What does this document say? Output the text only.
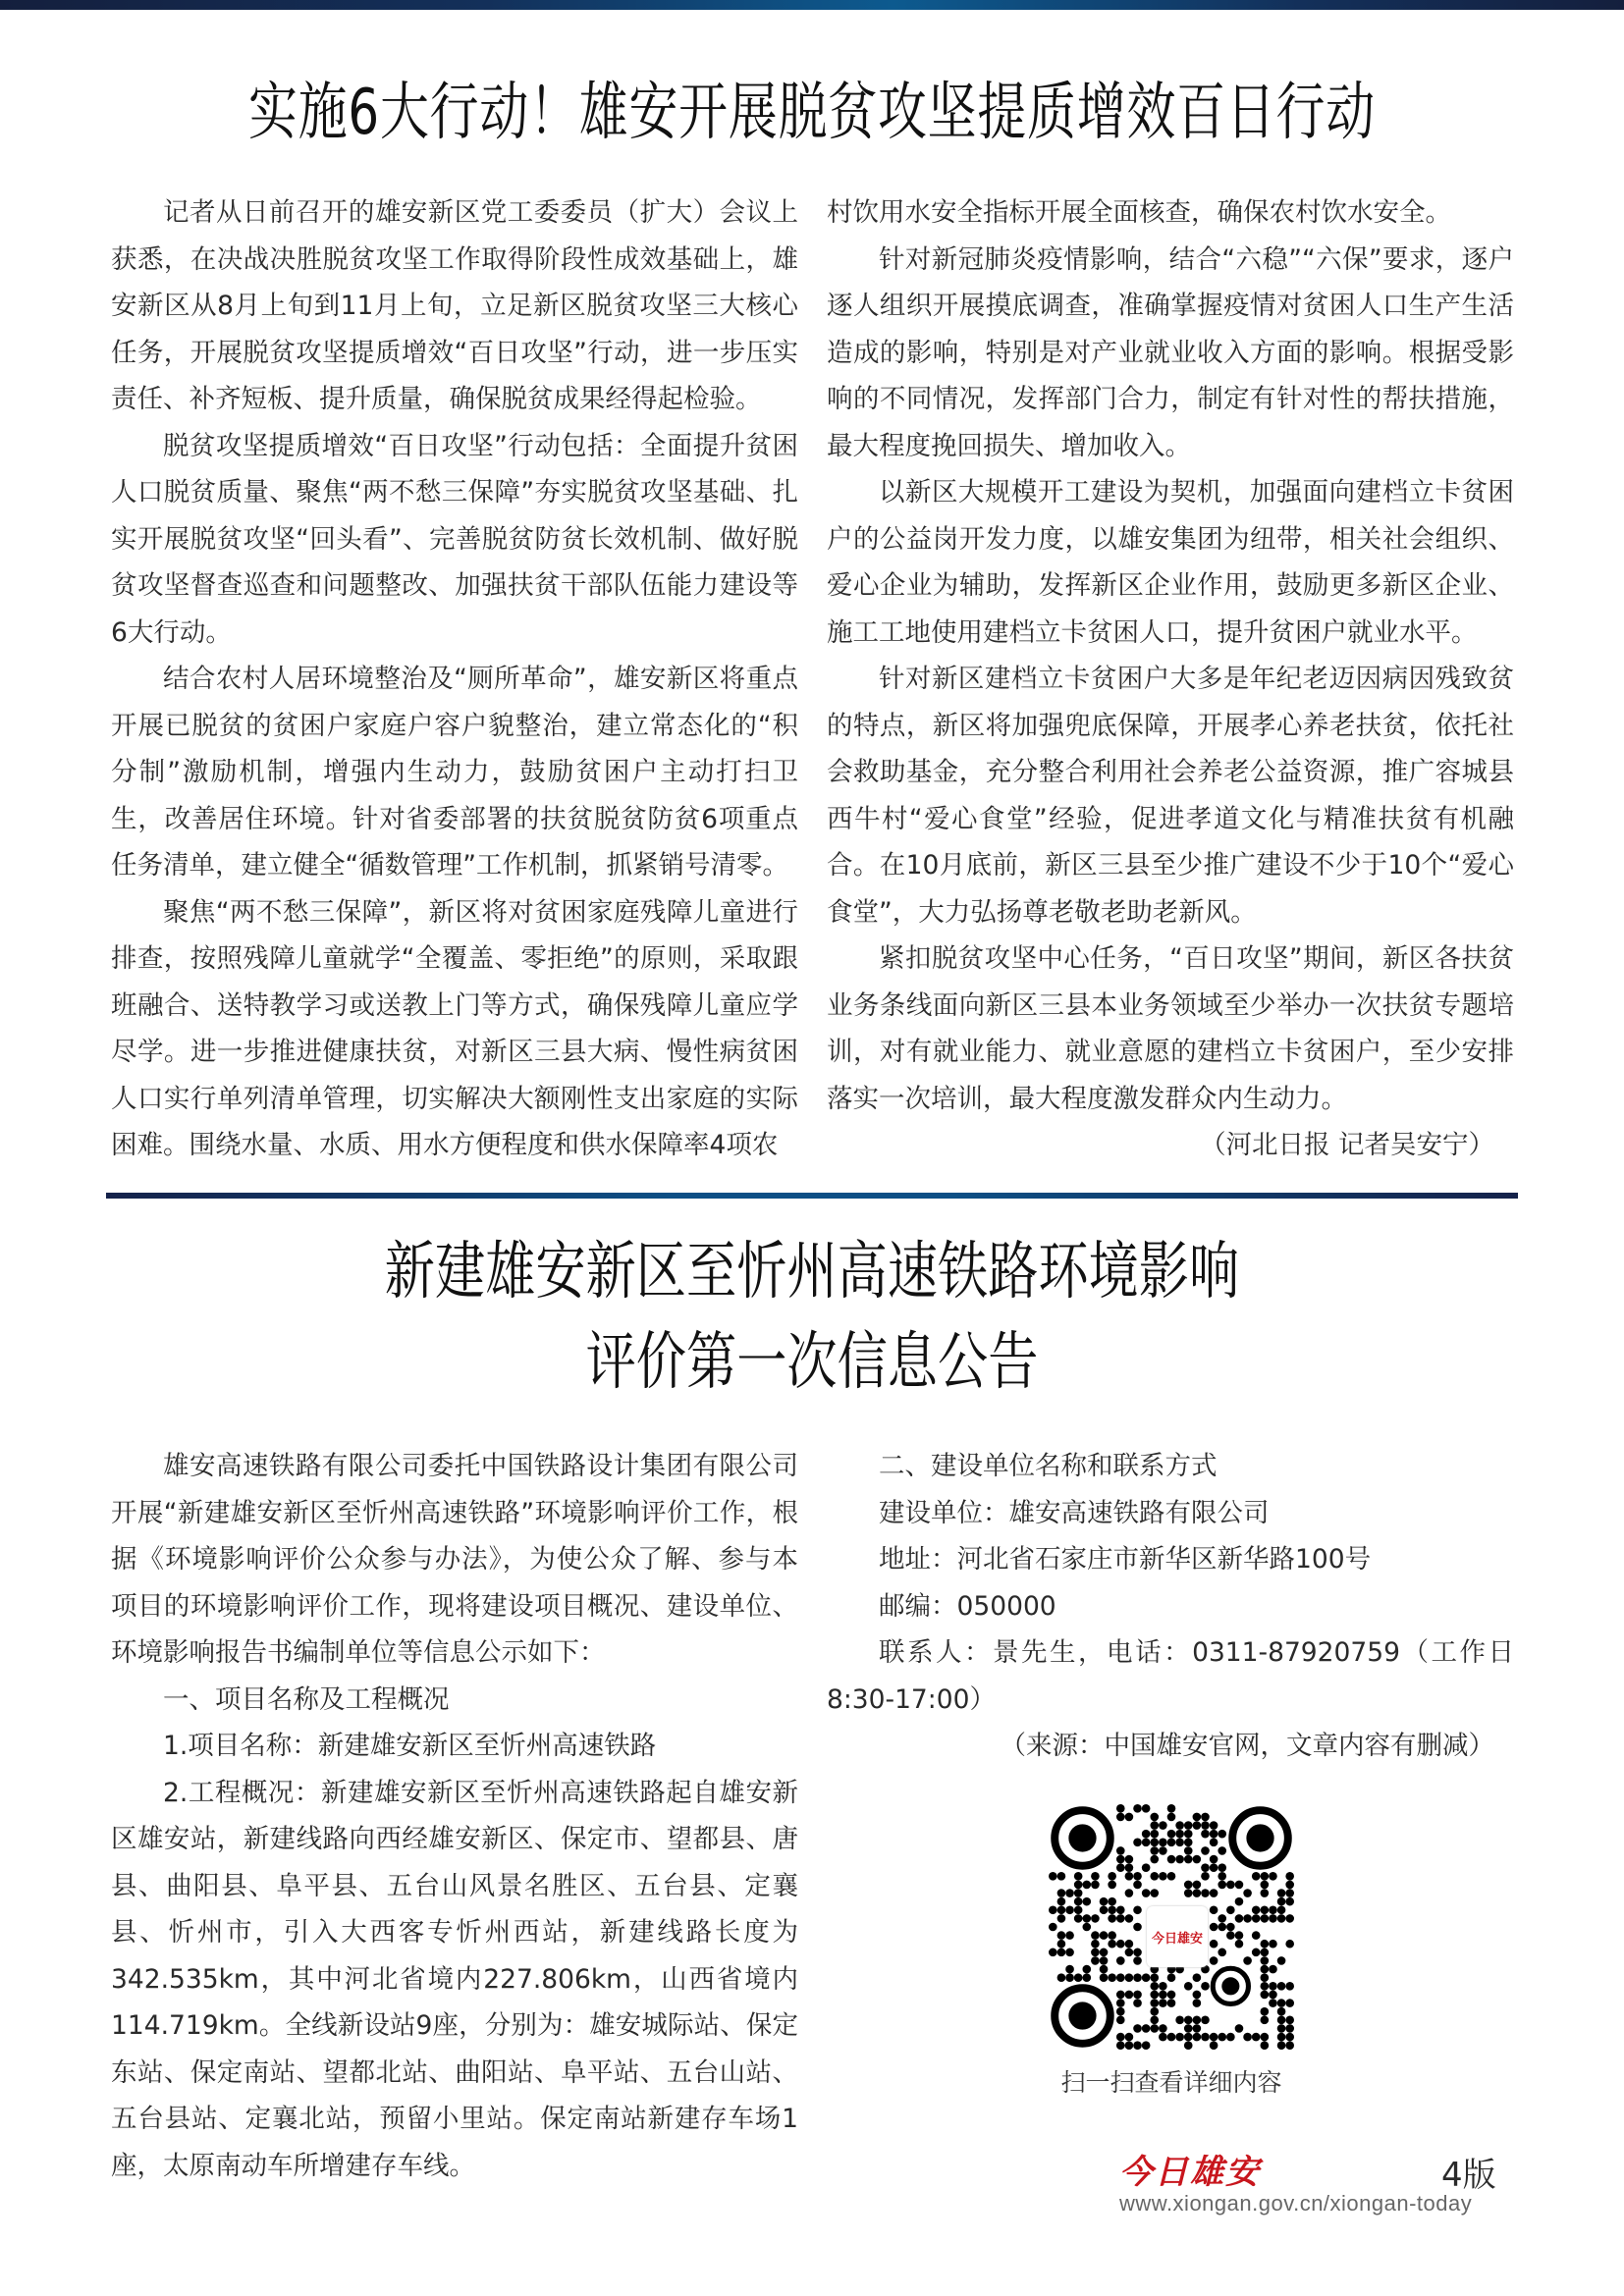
实施6大行动！雄安开展脱贫攻坚提质增效百日行动

记者从日前召开的雄安新区党工委委员（扩大）会议上获悉，在决战决胜脱贫攻坚工作取得阶段性成效基础上，雄安新区从8月上旬到11月上旬，立足新区脱贫攻坚三大核心任务，开展脱贫攻坚提质增效“百日攻坚”行动，进一步压实责任、补齐短板、提升质量，确保脱贫成果经得起检验。

脱贫攻坚提质增效“百日攻坚”行动包括：全面提升贫困人口脱贫质量、聚焦“两不愁三保障”夯实脱贫攻坚基础、扎实开展脱贫攻坚“回头看”、完善脱贫防贫长效机制、做好脱贫攻坚督查巡查和问题整改、加强扶贫干部队伍能力建设等6大行动。

结合农村人居环境整治及“厕所革命”，雄安新区将重点开展已脱贫的贫困户家庭户容户貌整治，建立常态化的“积分制”激励机制，增强内生动力，鼓励贫困户主动打扫卫生，改善居住环境。针对省委部署的扶贫脱贫防贫6项重点任务清单，建立健全“循数管理”工作机制，抓紧销号清零。

聚焦“两不愁三保障”，新区将对贫困家庭残障儿童进行排查，按照残障儿童就学“全覆盖、零拒绝”的原则，采取跟班融合、送特教学习或送教上门等方式，确保残障儿童应学尽学。进一步推进健康扶贫，对新区三县大病、慢性病贫困人口实行单列清单管理，切实解决大额刚性支出家庭的实际困难。围绕水量、水质、用水方便程度和供水保障率4项农

村饮用水安全指标开展全面核查，确保农村饮水安全。

针对新冠肺炎疫情影响，结合“六稳”“六保”要求，逐户逐人组织开展摸底调查，准确掌握疫情对贫困人口生产生活造成的影响，特别是对产业就业收入方面的影响。根据受影响的不同情况，发挥部门合力，制定有针对性的帮扶措施，最大程度挽回损失、增加收入。

以新区大规模开工建设为契机，加强面向建档立卡贫困户的公益岗开发力度，以雄安集团为纽带，相关社会组织、爱心企业为辅助，发挥新区企业作用，鼓励更多新区企业、施工工地使用建档立卡贫困人口，提升贫困户就业水平。

针对新区建档立卡贫困户大多是年纪老迈因病因残致贫的特点，新区将加强兜底保障，开展孝心养老扶贫，依托社会救助基金，充分整合利用社会养老公益资源，推广容城县西牛村“爱心食堂”经验，促进孝道文化与精准扶贫有机融合。在10月底前，新区三县至少推广建设不少于10个“爱心食堂”，大力弘扬尊老敬老助老新风。

紧扣脱贫攻坚中心任务，“百日攻坚”期间，新区各扶贫业务条线面向新区三县本业务领域至少举办一次扶贫专题培训，对有就业能力、就业意愿的建档立卡贫困户，至少安排落实一次培训，最大程度激发群众内生动力。

（河北日报 记者吴安宁）

新建雄安新区至忻州高速铁路环境影响
评价第一次信息公告

雄安高速铁路有限公司委托中国铁路设计集团有限公司开展“新建雄安新区至忻州高速铁路”环境影响评价工作，根据《环境影响评价公众参与办法》，为使公众了解、参与本项目的环境影响评价工作，现将建设项目概况、建设单位、环境影响报告书编制单位等信息公示如下：

一、项目名称及工程概况

1.项目名称：新建雄安新区至忻州高速铁路

2.工程概况：新建雄安新区至忻州高速铁路起自雄安新区雄安站，新建线路向西经雄安新区、保定市、望都县、唐县、曲阳县、阜平县、五台山风景名胜区、五台县、定襄县、忻州市，引入大西客专忻州西站，新建线路长度为342.535km，其中河北省境内227.806km，山西省境内114.719km。全线新设站9座，分别为：雄安城际站、保定东站、保定南站、望都北站、曲阳站、阜平站、五台山站、五台县站、定襄北站，预留小里站。保定南站新建存车场1座，太原南动车所增建存车线。

二、建设单位名称和联系方式

建设单位：雄安高速铁路有限公司

地址：河北省石家庄市新华区新华路100号

邮编：050000

联系人：景先生，电话：0311-87920759（工作日8:30-17:00）

（来源：中国雄安官网，文章内容有删减）

今日雄安
扫一扫查看详细内容
今日雄安	4版
www.xiongan.gov.cn/xiongan-today
